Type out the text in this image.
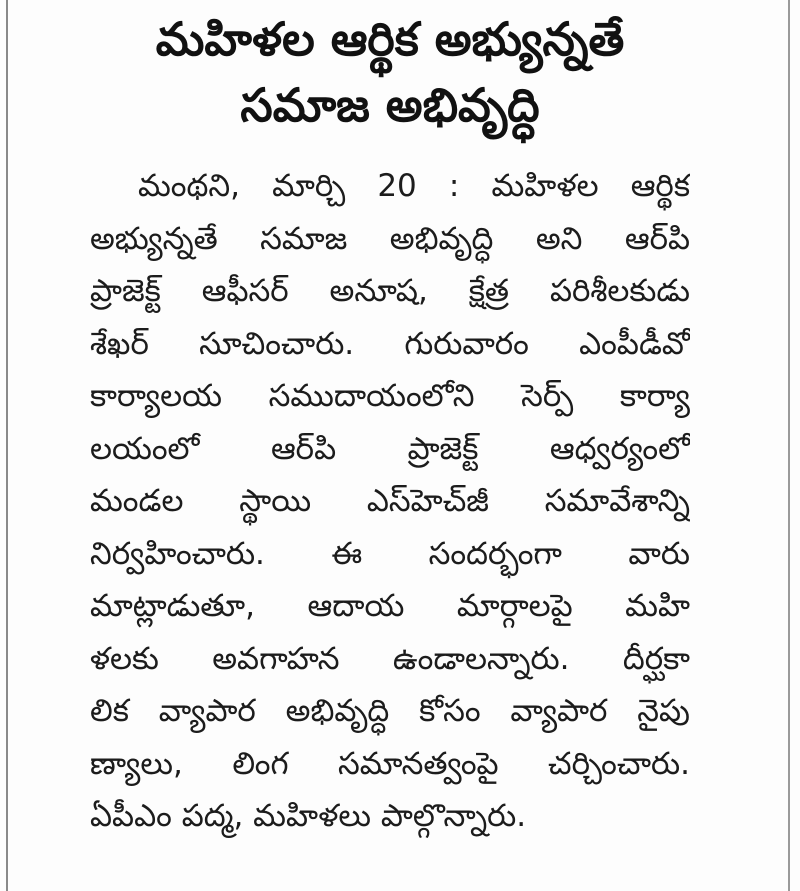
మహిళల ఆర్థిక అభ్యున్నతే
సమాజ అభివృద్ధి
మంథని, మార్చి 20 : మహిళల ఆర్థిక
అభ్యున్నతే సమాజ అభివృద్ధి అని ఆర్‌పి
ప్రాజెక్ట్ ఆఫీసర్ అనూష, క్షేత్ర పరిశీలకుడు
శేఖర్ సూచించారు. గురువారం ఎంపీడీవో
కార్యాలయ సముదాయంలోని సెర్ప్ కార్యా
లయంలో ఆర్‌పి ప్రాజెక్ట్ ఆధ్వర్యంలో
మండల స్థాయి ఎస్‌హెచ్‌జీ సమావేశాన్ని
నిర్వహించారు. ఈ సందర్భంగా వారు
మాట్లాడుతూ, ఆదాయ మార్గాలపై మహి
ళలకు అవగాహన ఉండాలన్నారు. దీర్ఘకా
లిక వ్యాపార అభివృద్ధి కోసం వ్యాపార నైపు
ణ్యాలు, లింగ సమానత్వంపై చర్చించారు.
ఏపీఎం పద్మ, మహిళలు పాల్గొన్నారు.
